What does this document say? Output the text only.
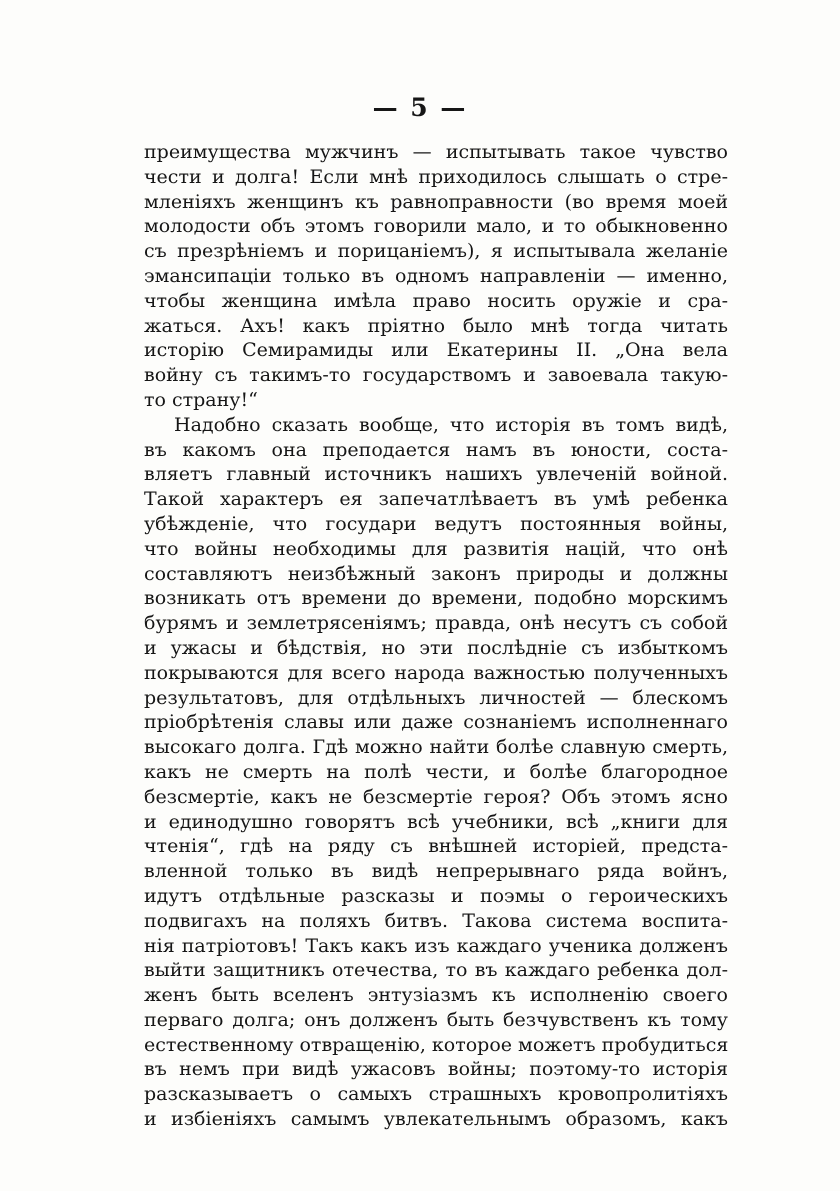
— 5 —
преимущества мужчинъ — испытывать такое чувство
чести и долга! Если мнѣ приходилось слышать о стре-
мленіяхъ женщинъ къ равноправности (во время моей
молодости объ этомъ говорили мало, и то обыкновенно
съ презрѣніемъ и порицаніемъ), я испытывала желаніе
эмансипаціи только въ одномъ направленіи — именно,
чтобы женщина имѣла право носить оружіе и сра-
жаться. Ахъ! какъ пріятно было мнѣ тогда читать
исторію Семирамиды или Екатерины II. „Она вела
войну съ такимъ-то государствомъ и завоевала такую-
то страну!“
Надобно сказать вообще, что исторія въ томъ видѣ,
въ какомъ она преподается намъ въ юности, соста-
вляетъ главный источникъ нашихъ увлеченій войной.
Такой характеръ ея запечатлѣваетъ въ умѣ ребенка
убѣжденіе, что государи ведутъ постоянныя войны,
что войны необходимы для развитія націй, что онѣ
составляютъ неизбѣжный законъ природы и должны
возникать отъ времени до времени, подобно морскимъ
бурямъ и землетрясеніямъ; правда, онѣ несутъ съ собой
и ужасы и бѣдствія, но эти послѣдніе съ избыткомъ
покрываются для всего народа важностью полученныхъ
результатовъ, для отдѣльныхъ личностей — блескомъ
пріобрѣтенія славы или даже сознаніемъ исполненнаго
высокаго долга. Гдѣ можно найти болѣе славную смерть,
какъ не смерть на полѣ чести, и болѣе благородное
безсмертіе, какъ не безсмертіе героя? Объ этомъ ясно
и единодушно говорятъ всѣ учебники, всѣ „книги для
чтенія“, гдѣ на ряду съ внѣшней исторіей, предста-
вленной только въ видѣ непрерывнаго ряда войнъ,
идутъ отдѣльные разсказы и поэмы о героическихъ
подвигахъ на поляхъ битвъ. Такова система воспита-
нія патріотовъ! Такъ какъ изъ каждаго ученика долженъ
выйти защитникъ отечества, то въ каждаго ребенка дол-
женъ быть вселенъ энтузіазмъ къ исполненію своего
перваго долга; онъ долженъ быть безчувственъ къ тому
естественному отвращенію, которое можетъ пробудиться
въ немъ при видѣ ужасовъ войны; поэтому-то исторія
разсказываетъ о самыхъ страшныхъ кровопролитіяхъ
и избіеніяхъ самымъ увлекательнымъ образомъ, какъ
